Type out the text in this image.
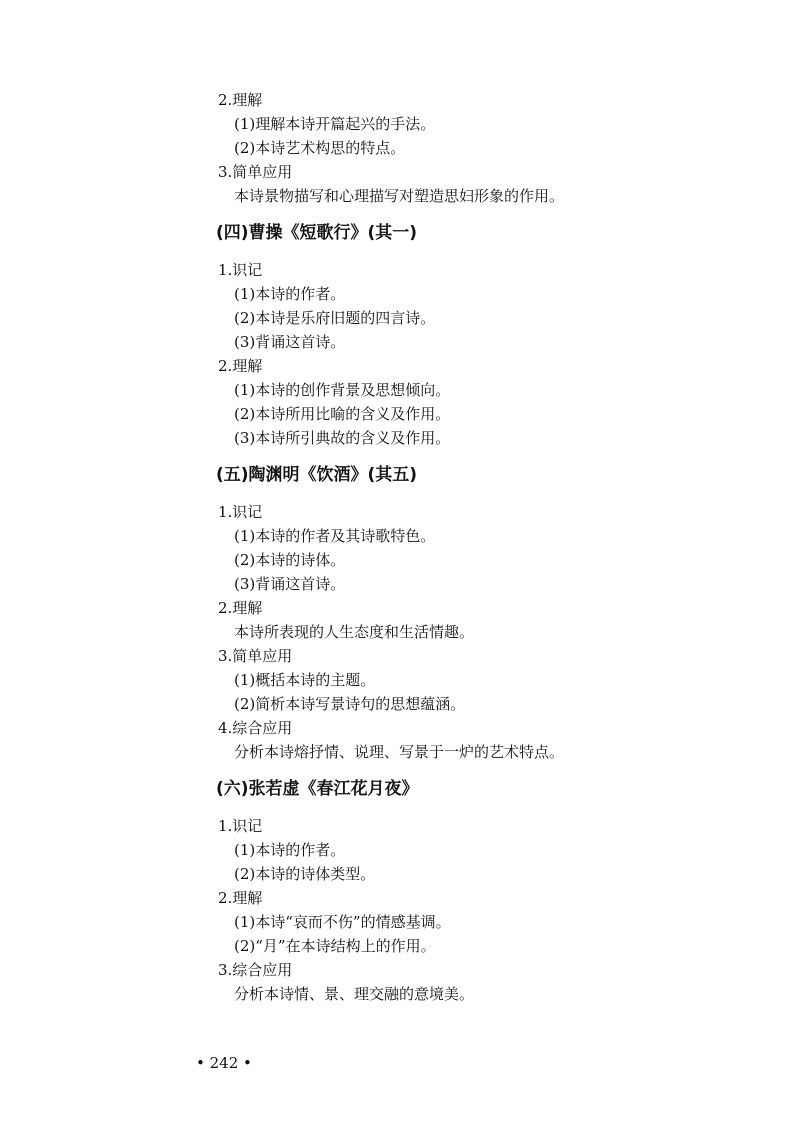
2.理解
(1)理解本诗开篇起兴的手法。
(2)本诗艺术构思的特点。
3.简单应用
本诗景物描写和心理描写对塑造思妇形象的作用。
(四)曹操《短歌行》(其一)
1.识记
(1)本诗的作者。
(2)本诗是乐府旧题的四言诗。
(3)背诵这首诗。
2.理解
(1)本诗的创作背景及思想倾向。
(2)本诗所用比喻的含义及作用。
(3)本诗所引典故的含义及作用。
(五)陶渊明《饮酒》(其五)
1.识记
(1)本诗的作者及其诗歌特色。
(2)本诗的诗体。
(3)背诵这首诗。
2.理解
本诗所表现的人生态度和生活情趣。
3.简单应用
(1)概括本诗的主题。
(2)简析本诗写景诗句的思想蕴涵。
4.综合应用
分析本诗熔抒情、说理、写景于一炉的艺术特点。
(六)张若虚《春江花月夜》
1.识记
(1)本诗的作者。
(2)本诗的诗体类型。
2.理解
(1)本诗“哀而不伤”的情感基调。
(2)“月”在本诗结构上的作用。
3.综合应用
分析本诗情、景、理交融的意境美。
• 242 •
